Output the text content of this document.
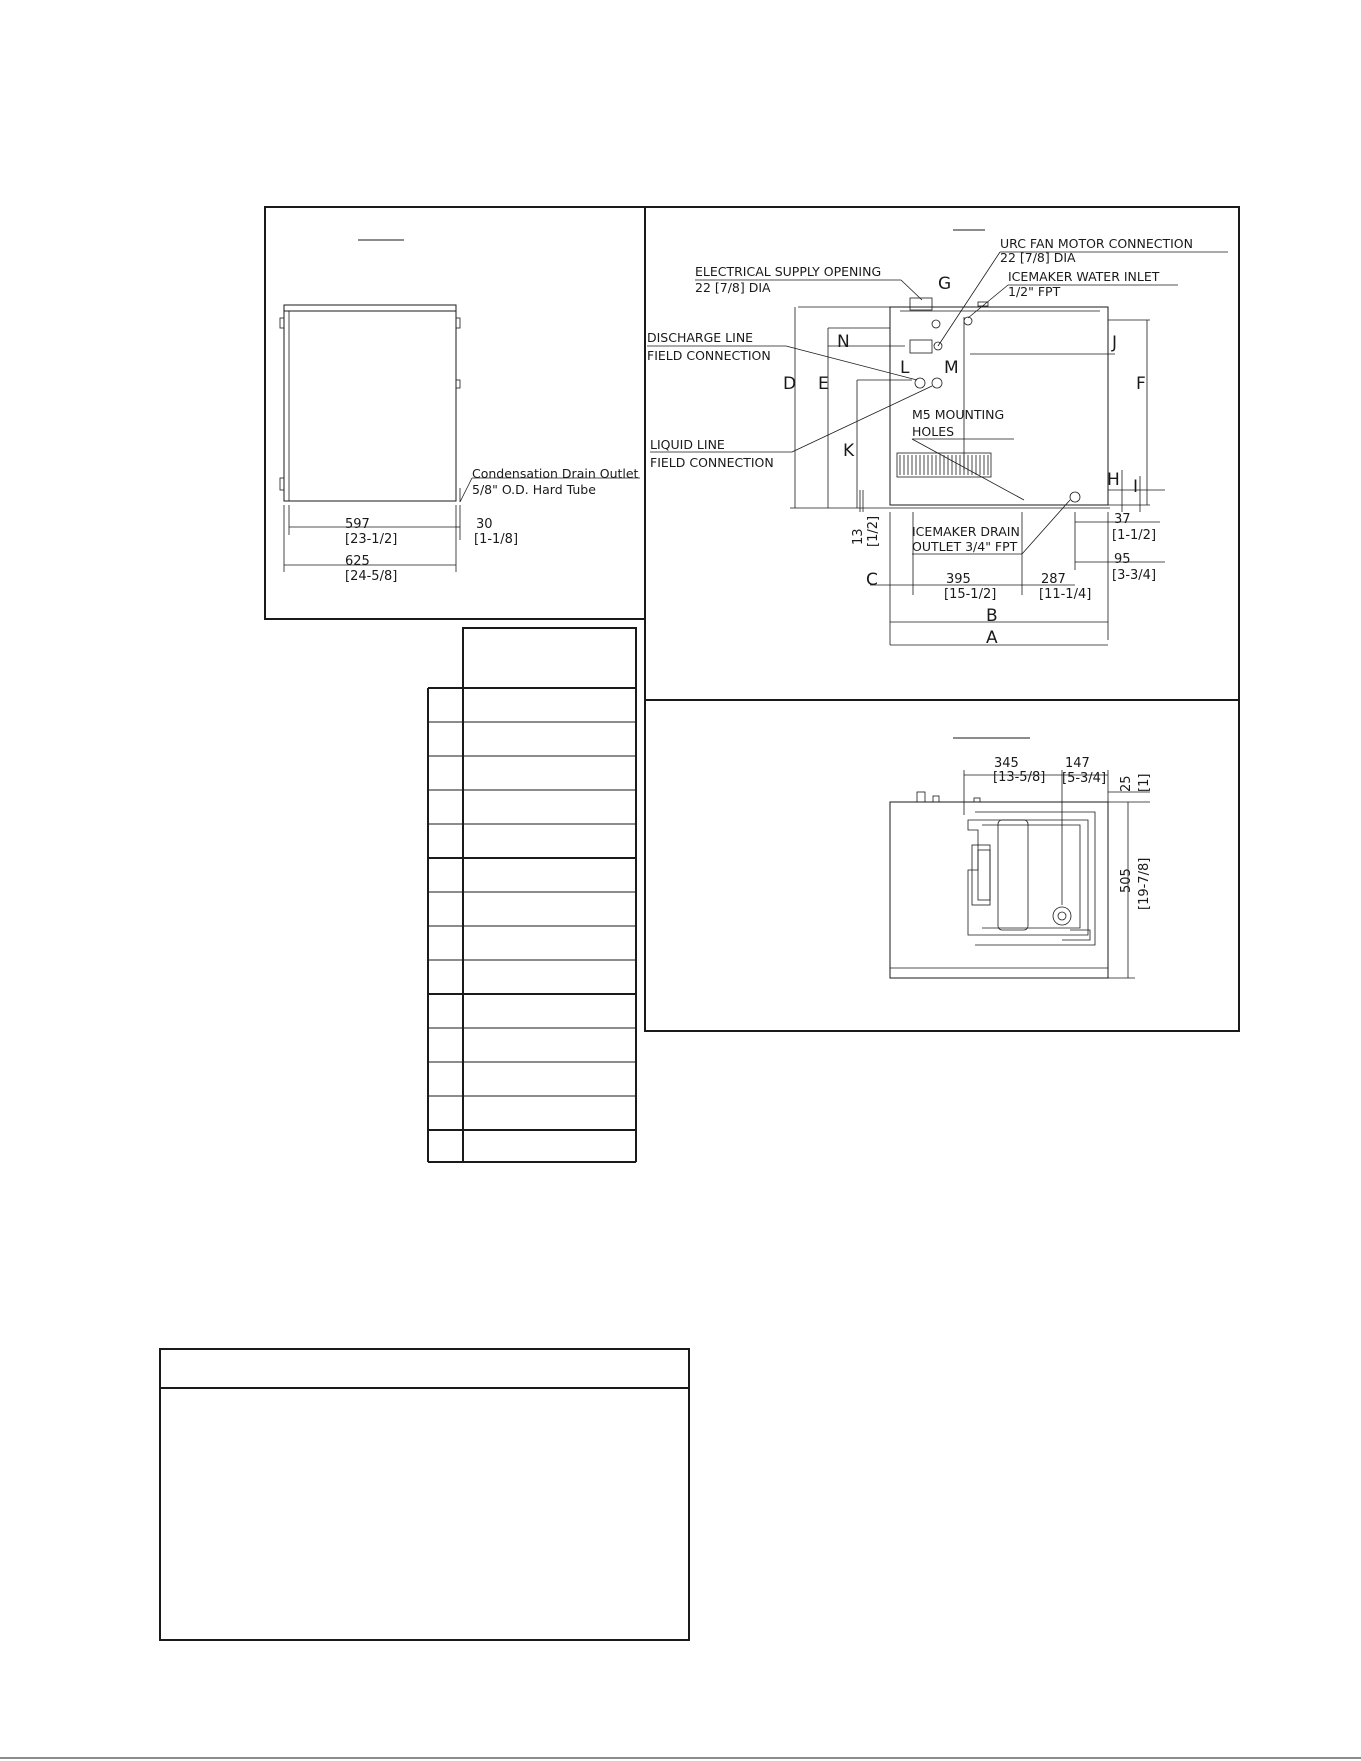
Condensation Drain Outlet
5/8" O.D. Hard Tube
597
[23-1/2]
30
[1-1/8]
625
[24-5/8]
URC FAN MOTOR CONNECTION
22 [7/8] DIA
ICEMAKER WATER INLET
1/2" FPT
ELECTRICAL SUPPLY OPENING
22 [7/8] DIA
DISCHARGE LINE
FIELD CONNECTION
LIQUID LINE
FIELD CONNECTION
M5 MOUNTING
HOLES
ICEMAKER DRAIN
OUTLET 3/4" FPT
D E
K
N
G
L M
J
F
H I
C
B
A
13 [1/2]	37
[1-1/2]
95
[3-3/4]
395
[15-1/2]
287
[11-1/4]
345
[13-5/8]
147
[5-3/4] 25 [1]
505 [19-7/8]
